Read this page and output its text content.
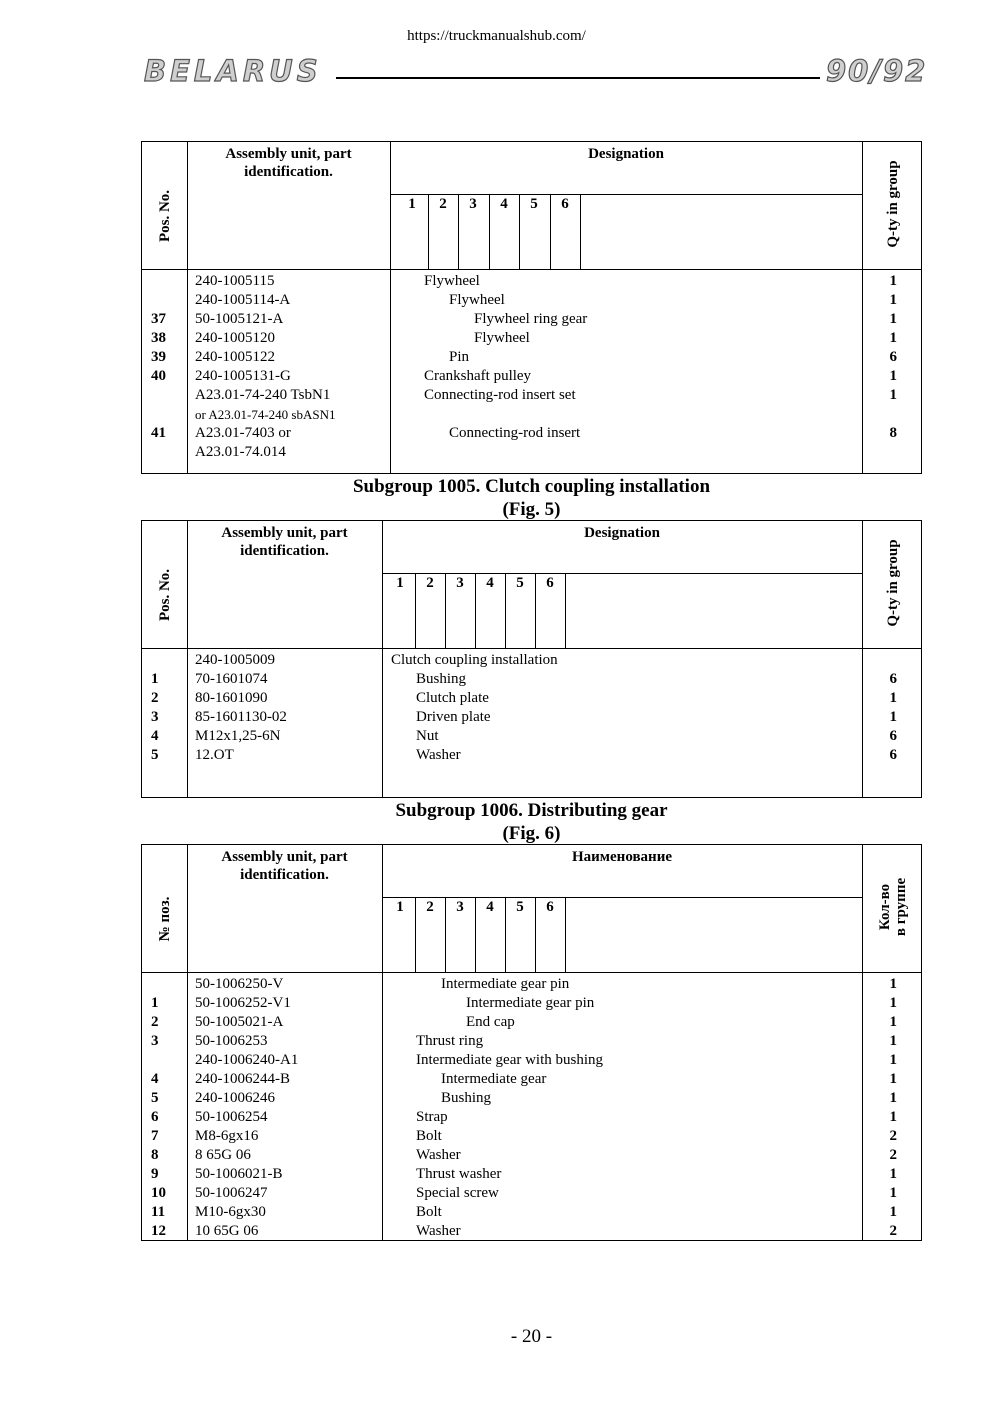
https://truckmanualshub.com/
BELARUS	90/92
Subgroup 1005. Clutch coupling installation
(Fig. 5)
Subgroup 1006. Distributing gear
(Fig. 6)
1	2	3	4	5	6
Pos. No.
Assembly unit, part identification.
Designation
Q-ty in group
240-1005115	Flywheel	1
240-1005114-A	Flywheel	1
37 50-1005121-A	Flywheel ring gear	1
38 240-1005120	Flywheel	1
39 240-1005122	Pin	6
40 240-1005131-G	Crankshaft pulley	1
A23.01-74-240 TsbN1	Connecting-rod insert set	1
or A23.01-74-240 sbASN1
41 A23.01-7403 or	Connecting-rod insert	8
A23.01-74.014
1	2	3	4	5	6
Pos. No.
Assembly unit, part identification.
Designation
Q-ty in group
240-1005009	Clutch coupling installation
1 70-1601074	Bushing	6
2 80-1601090	Clutch plate	1
3 85-1601130-02	Driven plate	1
4 M12x1,25-6N	Nut	6
5 12.OT	Washer	6
1	2	3	4	5	6
№ поз.
Assembly unit, part identification.
Наименование
Кол-во в группе
50-1006250-V	Intermediate gear pin	1
1 50-1006252-V1	Intermediate gear pin	1
2 50-1005021-A	End cap	1
3 50-1006253	Thrust ring	1
240-1006240-A1	Intermediate gear with bushing	1
4 240-1006244-B	Intermediate gear	1
5 240-1006246	Bushing	1
6 50-1006254	Strap	1
7 M8-6gx16	Bolt	2
8 8 65G 06	Washer	2
9 50-1006021-B	Thrust washer	1
10 50-1006247	Special screw	1
11 M10-6gx30	Bolt	1
12 10 65G 06	Washer	2
- 20 -
